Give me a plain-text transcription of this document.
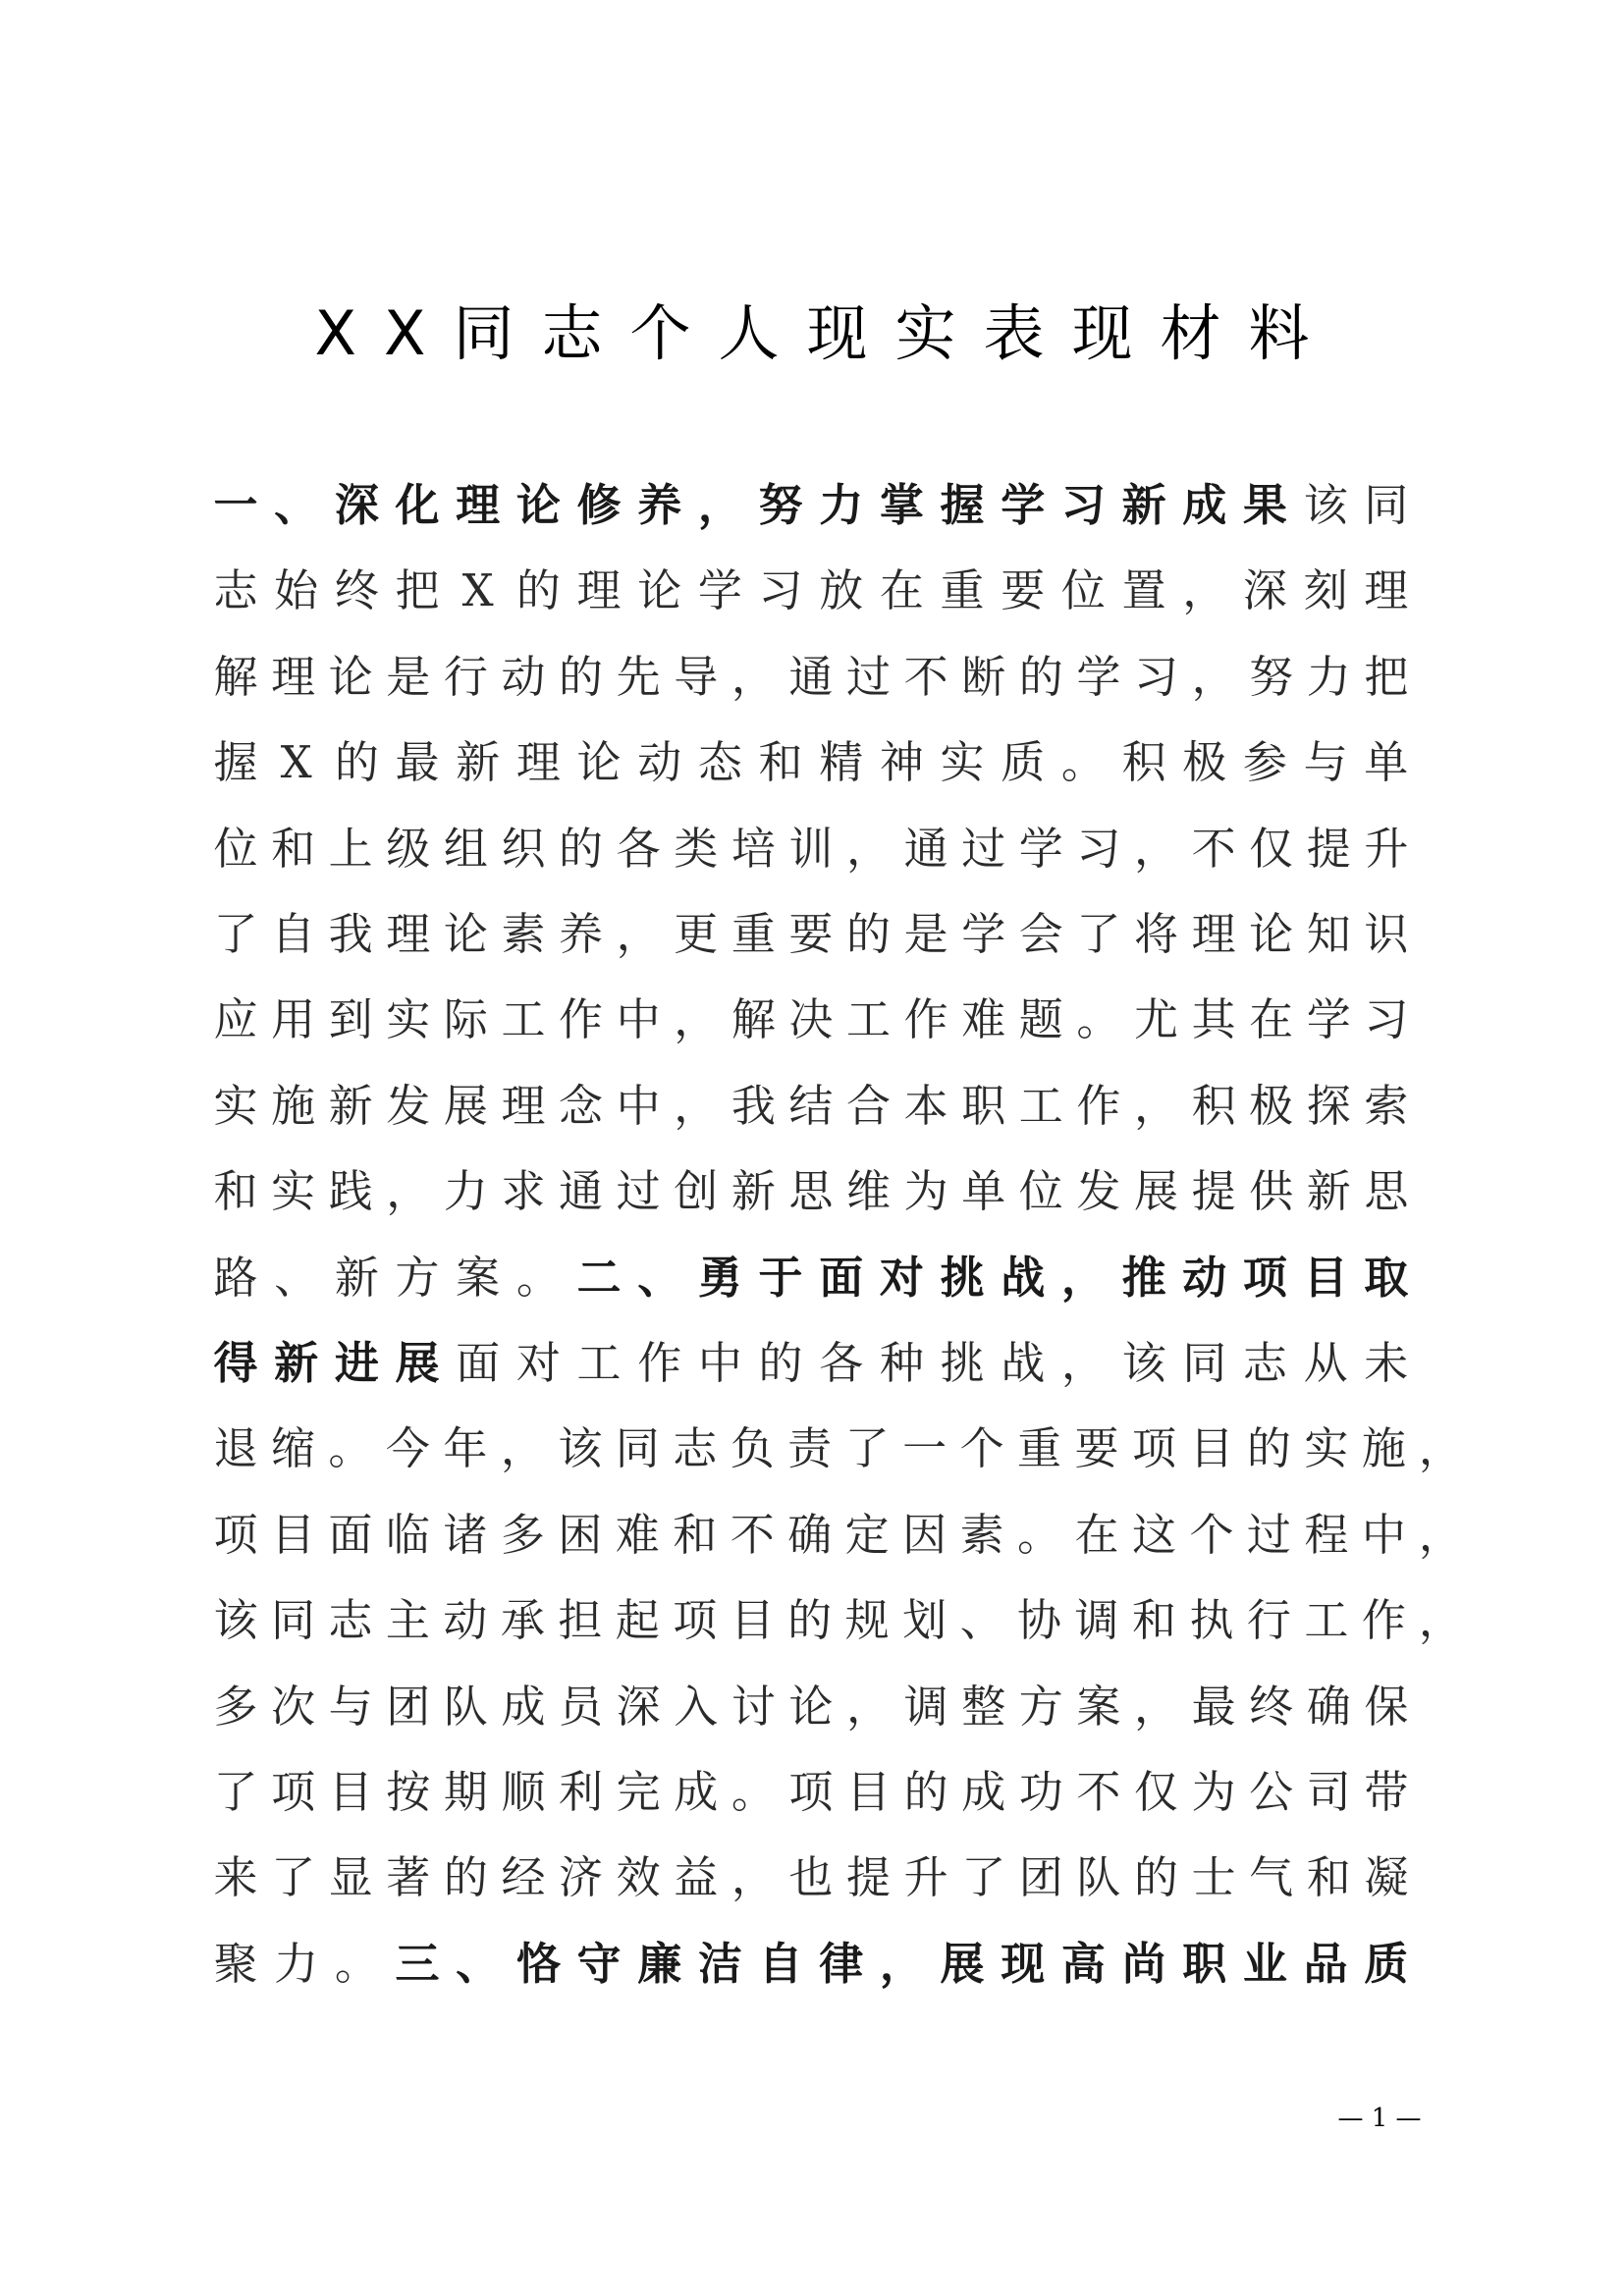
XX同志个人现实表现材料
一 、 深 化 理 论 修 养 ， 努 力 掌 握 学 习 新 成 果 该 同
志 始 终 把 X 的 理 论 学 习 放 在 重 要 位 置 ， 深 刻 理
解 理 论 是 行 动 的 先 导 ， 通 过 不 断 的 学 习 ， 努 力 把
握 X 的 最 新 理 论 动 态 和 精 神 实 质 。 积 极 参 与 单
位 和 上 级 组 织 的 各 类 培 训 ， 通 过 学 习 ， 不 仅 提 升
了 自 我 理 论 素 养 ， 更 重 要 的 是 学 会 了 将 理 论 知 识
应 用 到 实 际 工 作 中 ， 解 决 工 作 难 题 。 尤 其 在 学 习
实 施 新 发 展 理 念 中 ， 我 结 合 本 职 工 作 ， 积 极 探 索
和 实 践 ， 力 求 通 过 创 新 思 维 为 单 位 发 展 提 供 新 思
路 、 新 方 案 。 二 、 勇 于 面 对 挑 战 ， 推 动 项 目 取
得 新 进 展 面 对 工 作 中 的 各 种 挑 战 ， 该 同 志 从 未
退 缩 。 今 年 ， 该 同 志 负 责 了 一 个 重 要 项 目 的 实 施 ，
项 目 面 临 诸 多 困 难 和 不 确 定 因 素 。 在 这 个 过 程 中 ，
该 同 志 主 动 承 担 起 项 目 的 规 划 、 协 调 和 执 行 工 作 ，
多 次 与 团 队 成 员 深 入 讨 论 ， 调 整 方 案 ， 最 终 确 保
了 项 目 按 期 顺 利 完 成 。 项 目 的 成 功 不 仅 为 公 司 带
来 了 显 著 的 经 济 效 益 ， 也 提 升 了 团 队 的 士 气 和 凝
聚 力 。 三 、 恪 守 廉 洁 自 律 ， 展 现 高 尚 职 业 品 质
— 1 —
